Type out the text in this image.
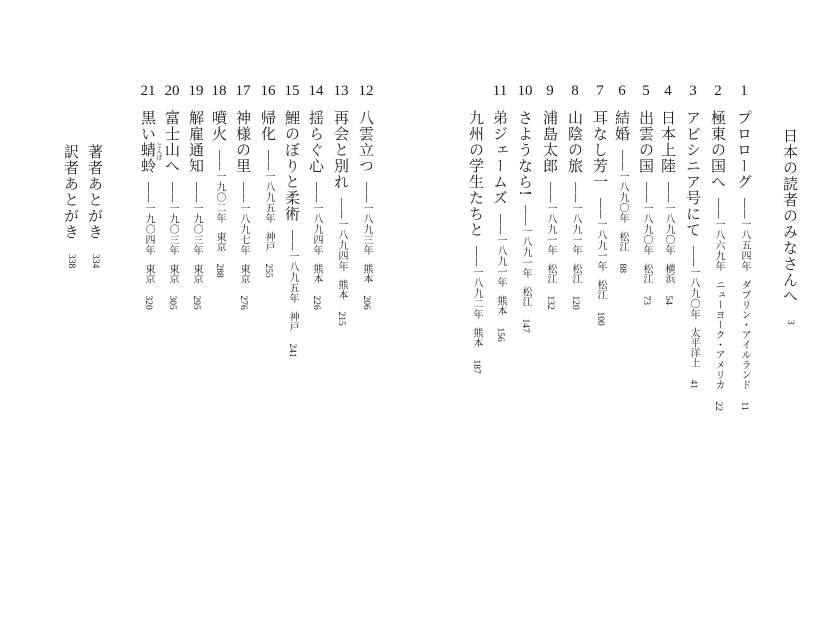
日本の読者のみなさんへ3
1
プロローグ――一八五四年ダブリン・アイルランド11
2
極東の国へ――一八六九年ニューヨーク・アメリカ22
3
アビシニア号にて――一八九〇年太平洋上41
4
日本上陸――一八九〇年横浜54
5
出雲の国――一八九〇年松江73
6
結婚――一八九〇年松江88
7
耳なし芳一――一八九一年松江100
8
山陰の旅――一八九一年松江120
9
浦島太郎――一八九一年松江132
10
さようなら!――一八九一年松江147
11
弟ジェームズ――一八九一年熊本156
九州の学生たちと――一八九二年熊本187
12
八雲立つ――一八九三年熊本206
13
再会と別れ――一八九四年熊本215
14
揺らぐ心――一八九四年熊本226
15
鯉のぼりと柔術――一八九五年神戸241
16
帰化――一八九五年神戸255
17
神様の里――一八九七年東京276
18
噴火――一九〇二年東京288
19
解雇通知――一九〇三年東京295
20
富士山へ――一九〇三年東京305
21
黒い蜻蛉――一九〇四年東京320
とんぼ
著者あとがき334
訳者あとがき338
